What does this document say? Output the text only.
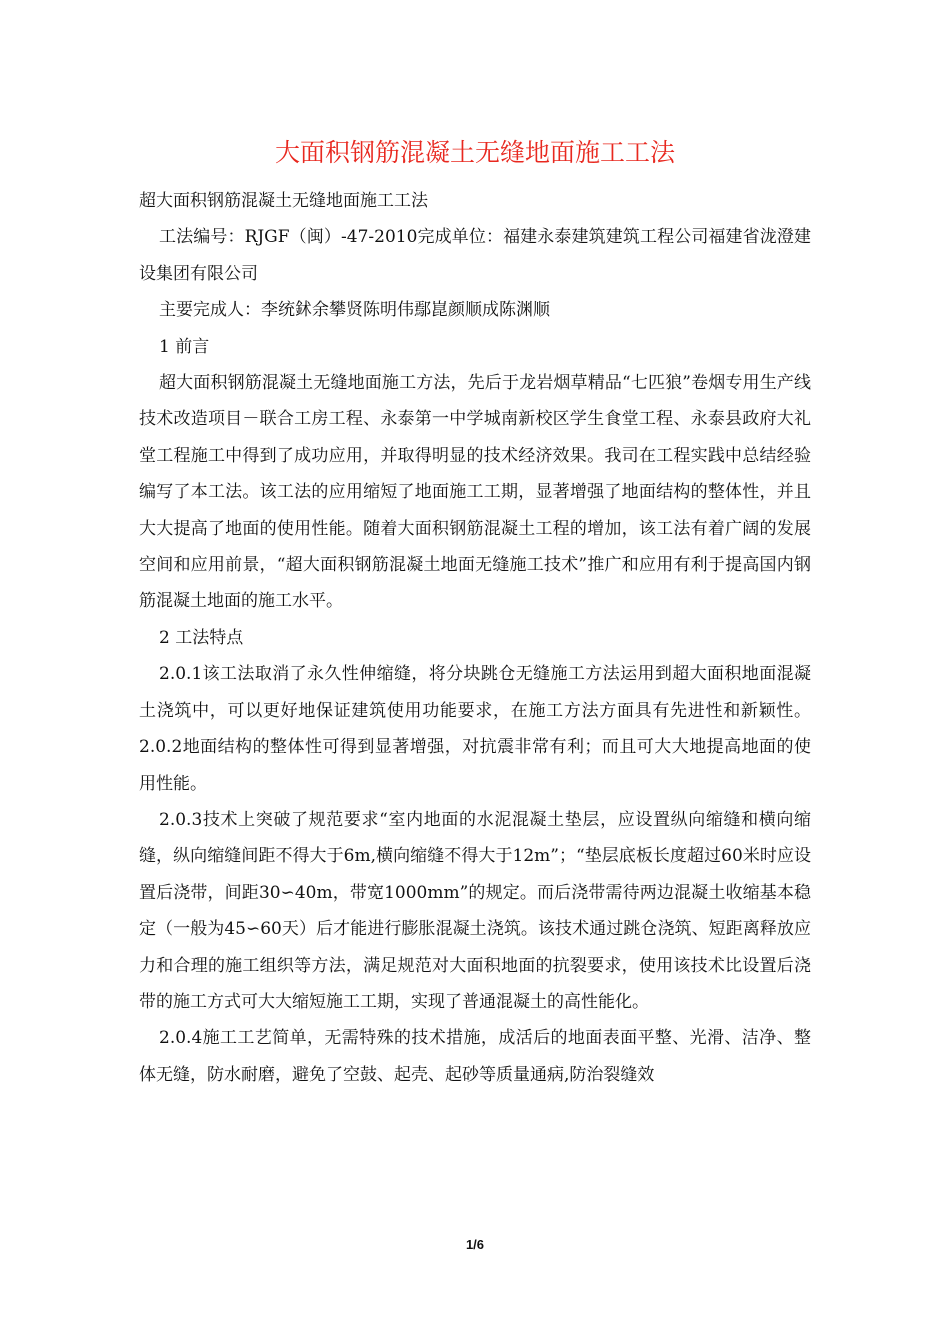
大面积钢筋混凝土无缝地面施工工法

超大面积钢筋混凝土无缝地面施工工法

工法编号：RJGF（闽）-47-2010完成单位：福建永泰建筑建筑工程公司福建省泷澄建设集团有限公司

主要完成人：李统鉥余攀贤陈明伟鄢崑颜顺成陈渊顺

1 前言

超大面积钢筋混凝土无缝地面施工方法，先后于龙岩烟草精品“七匹狼”卷烟专用生产线技术改造项目－联合工房工程、永泰第一中学城南新校区学生食堂工程、永泰县政府大礼堂工程施工中得到了成功应用，并取得明显的技术经济效果。我司在工程实践中总结经验编写了本工法。该工法的应用缩短了地面施工工期，显著增强了地面结构的整体性，并且大大提高了地面的使用性能。随着大面积钢筋混凝土工程的增加，该工法有着广阔的发展空间和应用前景，“超大面积钢筋混凝土地面无缝施工技术”推广和应用有利于提高国内钢筋混凝土地面的施工水平。

2 工法特点

2.0.1该工法取消了永久性伸缩缝，将分块跳仓无缝施工方法运用到超大面积地面混凝土浇筑中，可以更好地保证建筑使用功能要求，在施工方法方面具有先进性和新颖性。2.0.2地面结构的整体性可得到显著增强，对抗震非常有利；而且可大大地提高地面的使用性能。

2.0.3技术上突破了规范要求“室内地面的水泥混凝土垫层，应设置纵向缩缝和横向缩缝，纵向缩缝间距不得大于6m,横向缩缝不得大于12m”；“垫层底板长度超过60米时应设置后浇带，间距30∽40m，带宽1000mm”的规定。而后浇带需待两边混凝土收缩基本稳定（一般为45∽60天）后才能进行膨胀混凝土浇筑。该技术通过跳仓浇筑、短距离释放应力和合理的施工组织等方法，满足规范对大面积地面的抗裂要求，使用该技术比设置后浇带的施工方式可大大缩短施工工期，实现了普通混凝土的高性能化。

2.0.4施工工艺简单，无需特殊的技术措施，成活后的地面表面平整、光滑、洁净、整体无缝，防水耐磨，避免了空鼓、起壳、起砂等质量通病,防治裂缝效

1/6
